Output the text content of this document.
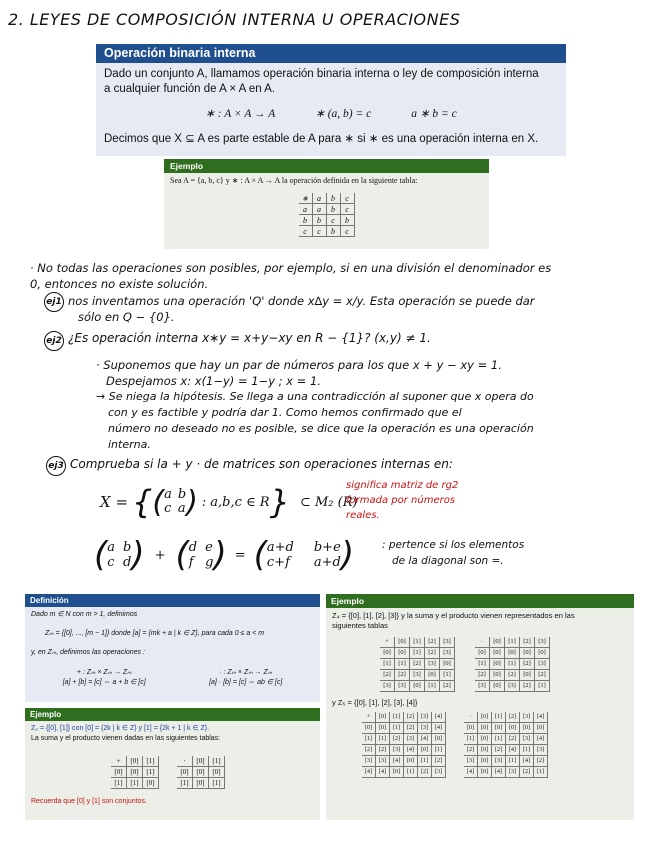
2. LEYES DE COMPOSICIÓN INTERNA U OPERACIONES
Operación binaria interna
Dado un conjunto A, llamamos operación binaria interna o ley de composición interna
a cualquier función de A × A en A.
∗ : A × A → A	∗ (a, b) = c	a ∗ b = c
Decimos que X ⊆ A es parte estable de A para ∗ si ∗ es una operación interna en X.
Ejemplo
Sea A = {a, b, c} y ∗ : A × A → A la operación definida en la siguiente tabla:
∗	a	b	c
a	a	b	c
b	b	c	b
c	c	b	c
· No todas las operaciones son posibles, por ejemplo, si en una división el denominador es
0, entonces no existe solución.
ej1 nos inventamos una operación 'Q' donde x∆y = x/y. Esta operación se puede dar
sólo en Q − {0}.
ej2 ¿Es operación interna x∗y = x+y−xy en R − {1}? (x,y) ≠ 1.
· Suponemos que hay un par de números para los que x + y − xy = 1.
Despejamos x: x(1−y) = 1−y ; x = 1.
→ Se niega la hipótesis. Se llega a una contradicción al suponer que x opera do
con y es factible y podría dar 1. Como hemos confirmado que el
número no deseado no es posible, se dice que la operación es una operación
interna.
ej3 Comprueba si la + y · de matrices son operaciones internas en:
X = { ( a b
c a ) : a,b,c ∈ R } ⊂ M₂ (R)
significa matriz de rg2
formada por números
reales.
( a b
c d ) + ( d e
f g ) = ( a+d b+e
c+f	a+d )	: pertence si los elementos
de la diagonal son =.
Definición
Dado m ∈ N con m > 1, definimos
Zₘ = {[0], ..., [m − 1]} donde [a] = {mk + a | k ∈ Z}, para cada 0 ≤ a < m
y, en Zₘ, definimos las operaciones :
+ : Zₘ × Zₘ → Zₘ
[a] + [b] = [c] ⇔ a + b ∈ [c]
· : Zₘ × Zₘ → Zₘ
[a] · [b] = [c] ⇔ ab ∈ [c]
Ejemplo
Z₂ = {[0], [1]} con [0] = {2k | k ∈ Z} y [1] = {2k + 1 | k ∈ Z}.
La suma y el producto vienen dadas en las siguientes tablas:
+	[0]	[1]
[0]	[0]	[1]
[1]	[1]	[0]
·	[0]	[1]
[0]	[0]	[0]
[1]	[0]	[1]
Recuerda que [0] y [1] son conjuntos.
Ejemplo
Z₄ = {[0], [1], [2], [3]} y la suma y el producto vienen representados en las
siguientes tablas
+	[0]	[1]	[2]	[3]
[0]	[0]	[1]	[2]	[3]
[1]	[1]	[2]	[3]	[0]
[2]	[2]	[3]	[0]	[1]
[3]	[3]	[0]	[1]	[2]
·	[0]	[1]	[2]	[3]
[0]	[0]	[0]	[0]	[0]
[1]	[0]	[1]	[2]	[3]
[2]	[0]	[2]	[0]	[2]
[3]	[0]	[3]	[2]	[1]
y Z₅ = {[0], [1], [2], [3], [4]}
+	[0]	[1]	[2]	[3]	[4]
[0]	[0]	[1]	[2]	[3]	[4]
[1]	[1]	[2]	[3]	[4]	[0]
[2]	[2]	[3]	[4]	[0]	[1]
[3]	[3]	[4]	[0]	[1]	[2]
[4]	[4]	[0]	[1]	[2]	[3]
·	[0]	[1]	[2]	[3]	[4]
[0]	[0]	[0]	[0]	[0]	[0]
[1]	[0]	[1]	[2]	[3]	[4]
[2]	[0]	[2]	[4]	[1]	[3]
[3]	[0]	[3]	[1]	[4]	[2]
[4]	[0]	[4]	[3]	[2]	[1]
